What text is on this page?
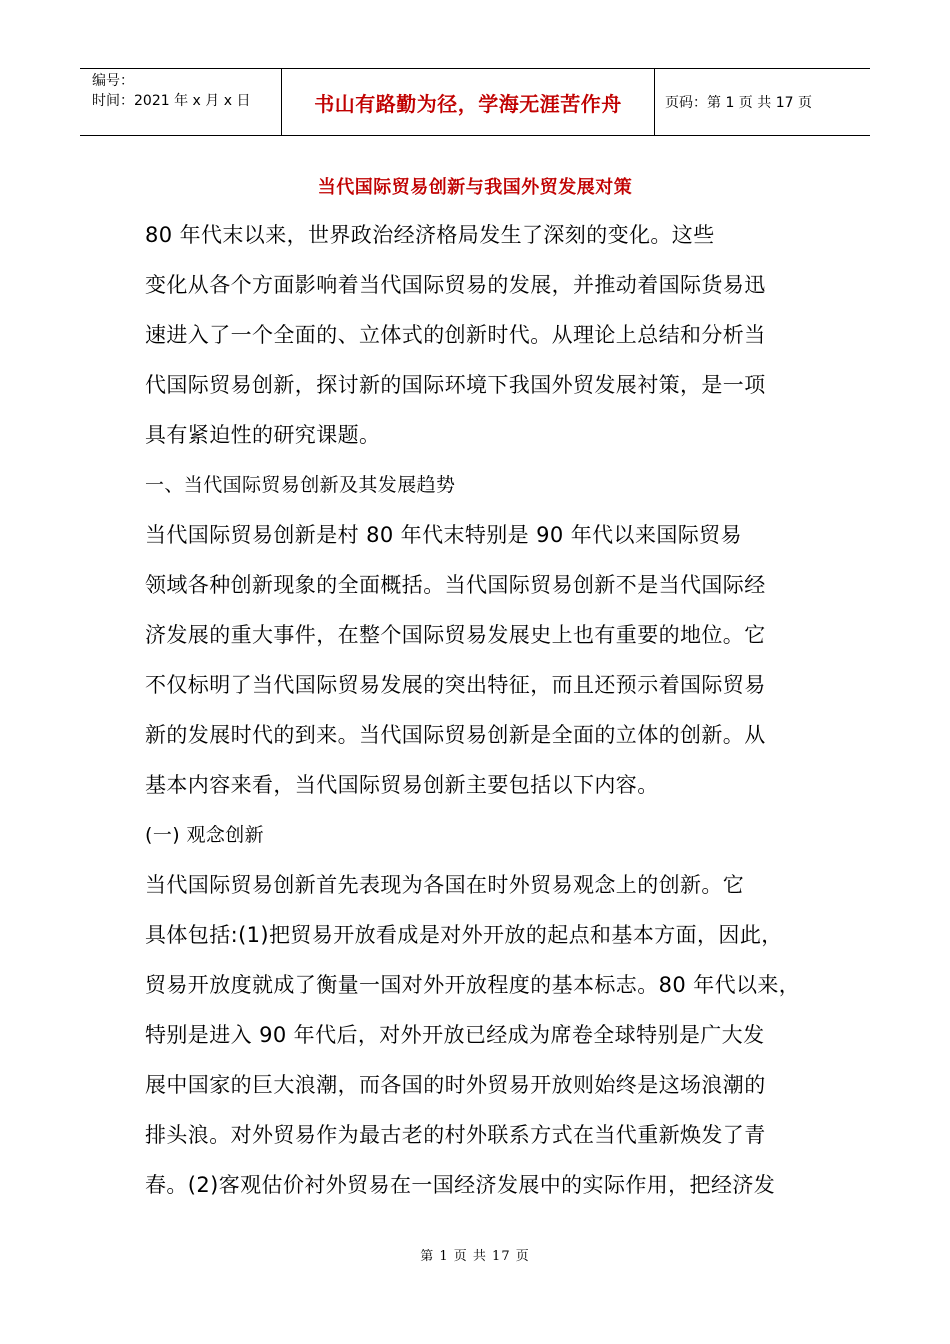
编号：
时间：2021 年 x 月 x 日	书山有路勤为径，学海无涯苦作舟	页码：第 1 页 共 17 页
当代国际贸易创新与我国外贸发展对策
80 年代末以来，世界政治经济格局发生了深刻的变化。这些
变化从各个方面影响着当代国际贸易的发展，并推动着国际货易迅
速进入了一个全面的、立体式的创新时代。从理论上总结和分析当
代国际贸易创新，探讨新的国际环境下我国外贸发展衬策，是一项
具有紧迫性的研究课题。
一、当代国际贸易创新及其发展趋势
当代国际贸易创新是村 80 年代末特别是 90 年代以来国际贸易
领域各种创新现象的全面概括。当代国际贸易创新不是当代国际经
济发展的重大事件，在整个国际贸易发展史上也有重要的地位。它
不仅标明了当代国际贸易发展的突出特征，而且还预示着国际贸易
新的发展时代的到来。当代国际贸易创新是全面的立体的创新。从
基本内容来看，当代国际贸易创新主要包括以下内容。
(一) 观念创新
当代国际贸易创新首先表现为各国在时外贸易观念上的创新。它
具体包括:(1)把贸易开放看成是对外开放的起点和基本方面，因此，
贸易开放度就成了衡量一国对外开放程度的基本标志。80 年代以来，
特别是进入 90 年代后，对外开放已经成为席卷全球特别是广大发
展中国家的巨大浪潮，而各国的时外贸易开放则始终是这场浪潮的
排头浪。对外贸易作为最古老的村外联系方式在当代重新焕发了青
春。(2)客观估价衬外贸易在一国经济发展中的实际作用，把经济发
第 1 页 共 17 页
